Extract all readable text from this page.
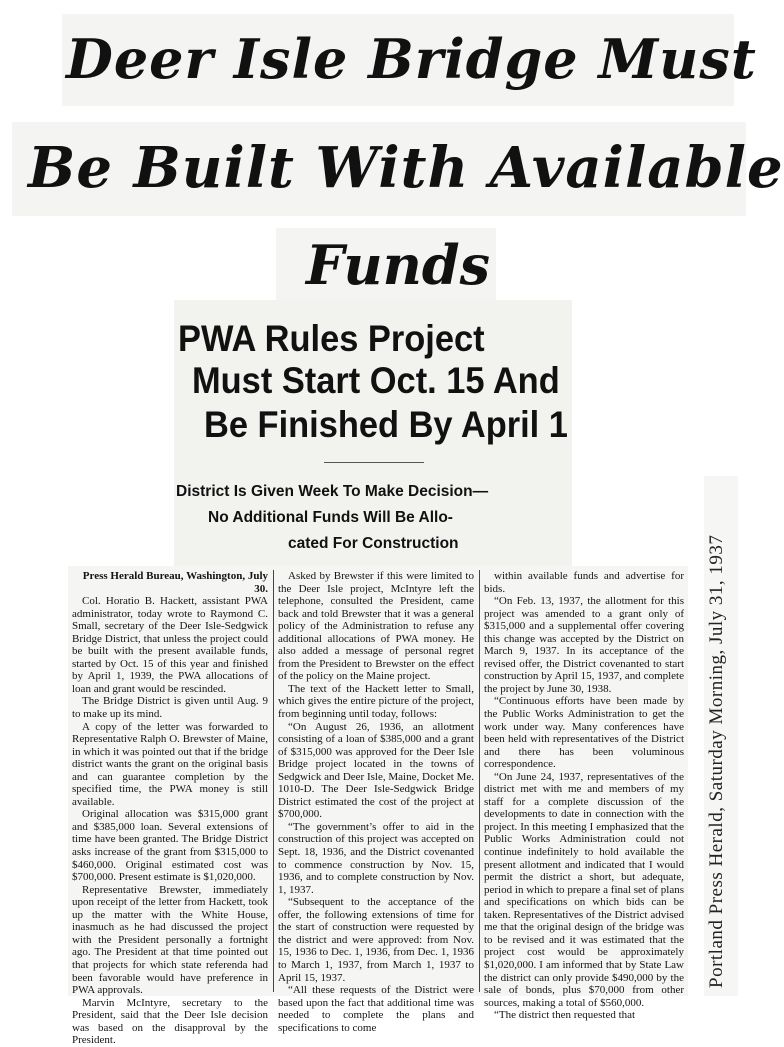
Deer Isle Bridge Must
Be Built With Available
Funds
PWA Rules Project
Must Start Oct. 15 And
Be Finished By April 1
District Is Given Week To Make Decision—
No Additional Funds Will Be Allo-
cated For Construction

Press Herald Bureau, Washington, July 30.

Col. Horatio B. Hackett, assistant PWA administrator, today wrote to Raymond C. Small, secretary of the Deer Isle-Sedgwick Bridge District, that unless the project could be built with the present available funds, started by Oct. 15 of this year and finished by April 1, 1939, the PWA allocations of loan and grant would be rescinded.

The Bridge District is given until Aug. 9 to make up its mind.

A copy of the letter was forwarded to Representative Ralph O. Brewster of Maine, in which it was pointed out that if the bridge district wants the grant on the original basis and can guarantee completion by the specified time, the PWA money is still available.

Original allocation was $315,000 grant and $385,000 loan. Several extensions of time have been granted. The Bridge District asks increase of the grant from $315,000 to $460,000. Original estimated cost was $700,000. Present estimate is $1,020,000.

Representative Brewster, immediately upon receipt of the letter from Hackett, took up the matter with the White House, inasmuch as he had discussed the project with the President personally a fortnight ago. The President at that time pointed out that projects for which state referenda had been favorable would have preference in PWA approvals.

Marvin McIntyre, secretary to the President, said that the Deer Isle decision was based on the disapproval by the President.

Asked by Brewster if this were limited to the Deer Isle project, McIntyre left the telephone, consulted the President, came back and told Brewster that it was a general policy of the Administration to refuse any additional allocations of PWA money. He also added a message of personal regret from the President to Brewster on the effect of the policy on the Maine project.

The text of the Hackett letter to Small, which gives the entire picture of the project, from beginning until today, follows:

“On August 26, 1936, an allotment consisting of a loan of $385,000 and a grant of $315,000 was approved for the Deer Isle Bridge project located in the towns of Sedgwick and Deer Isle, Maine, Docket Me. 1010-D. The Deer Isle-Sedgwick Bridge District estimated the cost of the project at $700,000.

“The government’s offer to aid in the construction of this project was accepted on Sept. 18, 1936, and the District covenanted to commence construction by Nov. 15, 1936, and to complete construction by Nov. 1, 1937.

“Subsequent to the acceptance of the offer, the following extensions of time for the start of construction were requested by the district and were approved: from Nov. 15, 1936 to Dec. 1, 1936, from Dec. 1, 1936 to March 1, 1937, from March 1, 1937 to April 15, 1937.

“All these requests of the District were based upon the fact that additional time was needed to complete the plans and specifications to come

within available funds and advertise for bids.

“On Feb. 13, 1937, the allotment for this project was amended to a grant only of $315,000 and a supplemental offer covering this change was accepted by the District on March 9, 1937. In its acceptance of the revised offer, the District covenanted to start construction by April 15, 1937, and complete the project by June 30, 1938.

“Continuous efforts have been made by the Public Works Administration to get the work under way. Many conferences have been held with representatives of the District and there has been voluminous correspondence.

“On June 24, 1937, representatives of the district met with me and members of my staff for a complete discussion of the developments to date in connection with the project. In this meeting I emphasized that the Public Works Administration could not continue indefinitely to hold available the present allotment and indicated that I would permit the district a short, but adequate, period in which to prepare a final set of plans and specifications on which bids can be taken. Representatives of the District advised me that the original design of the bridge was to be revised and it was estimated that the project cost would be approximately $1,020,000. I am informed that by State Law the district can only provide $490,000 by the sale of bonds, plus $70,000 from other sources, making a total of $560,000.

“The district then requested that

Portland Press Herald, Saturday Morning, July 31, 1937
